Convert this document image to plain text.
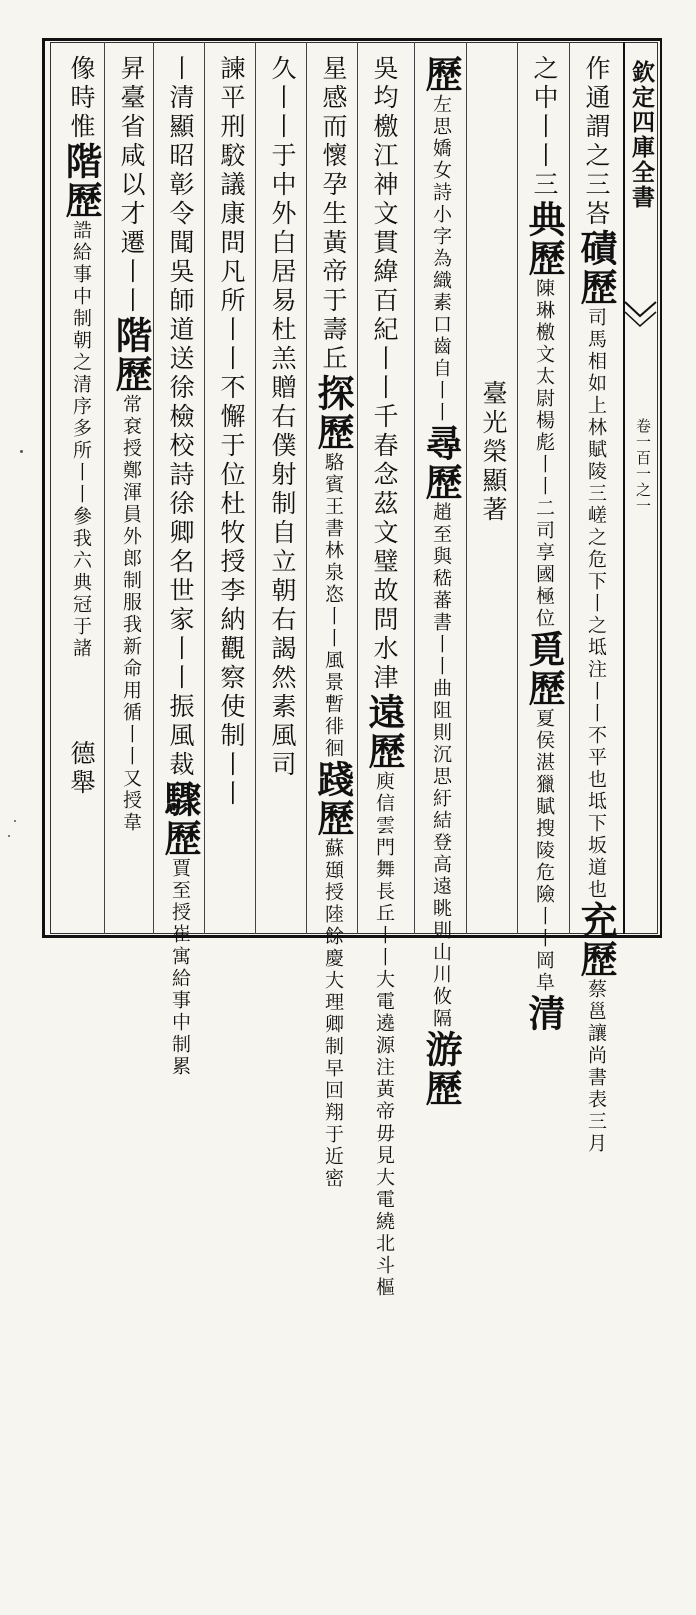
欽定四庫全書
卷一百一之一
作通謂之三峇磧歷司馬相如上林賦陵三嵯之危下丨之坻注丨丨不平也坻下坂道也充歷蔡邕讓尚書表三月
之中丨丨三典歷陳琳檄文太尉楊彪丨丨二司享國極位覓歷夏侯湛獵賦搜陵危險丨丨岡阜清
臺光榮顯著
歷左思嬌女詩小字為織素口齒自丨丨尋歷趙至與嵇蕃書丨丨曲阻則沉思紆結登高遠眺則山川攸隔游歷
吳均檄江神文貫緯百紀丨丨千春念茲文璧故問水津遠歷庾信雲門舞長丘丨丨大電遶源注黃帝毋見大電繞北斗樞
星感而懷孕生黃帝于壽丘探歷駱賓王書林泉恣丨丨風景暫徘徊踐歷蘇頲授陸餘慶大理卿制早回翔于近密
久丨丨于中外白居易杜羔贈右僕射制自立朝右謁然素風司
諫平刑駮議康問凡所丨丨不懈于位杜牧授李納觀察使制丨丨
丨清顯昭彰令聞吳師道送徐檢校詩徐卿名世家丨丨振風裁驟歷賈至授崔寓給事中制累
昇臺省咸以才遷丨丨階歷常袞授鄭渾員外郎制服我新命用循丨丨又授韋
像時惟階歷誥給事中制朝之清序多所丨丨參我六典冠于諸
德舉
